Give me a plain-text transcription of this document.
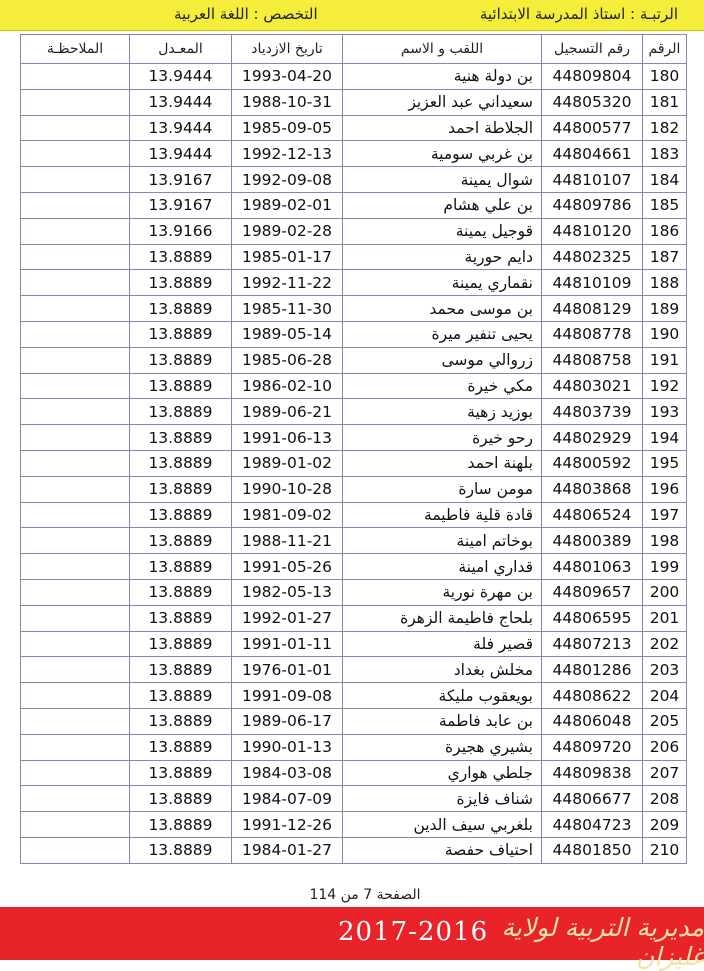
الرتبـة : استاذ المدرسة الابتدائية
التخصص : اللغة العربية
الرقم	رقم التسجيل	اللقب و الاسم	تاريخ الازدياد	المعـدل	الملاحظـة
180	44809804	بن دولة هنية	1993-04-20	13.9444	
181	44805320	سعيداني عبد العزيز	1988-10-31	13.9444	
182	44800577	الجلاطة احمد	1985-09-05	13.9444	
183	44804661	بن غربي سومية	1992-12-13	13.9444	
184	44810107	شوال يمينة	1992-09-08	13.9167	
185	44809786	بن علي هشام	1989-02-01	13.9167	
186	44810120	قوجيل يمينة	1989-02-28	13.9166	
187	44802325	دايم حورية	1985-01-17	13.8889	
188	44810109	نقماري يمينة	1992-11-22	13.8889	
189	44808129	بن موسى محمد	1985-11-30	13.8889	
190	44808778	يحيى تنفير ميرة	1989-05-14	13.8889	
191	44808758	زروالي موسى	1985-06-28	13.8889	
192	44803021	مكي خيرة	1986-02-10	13.8889	
193	44803739	بوزيد زهية	1989-06-21	13.8889	
194	44802929	رحو خيرة	1991-06-13	13.8889	
195	44800592	بلهنة احمد	1989-01-02	13.8889	
196	44803868	مومن سارة	1990-10-28	13.8889	
197	44806524	قادة قلية فاطيمة	1981-09-02	13.8889	
198	44800389	بوخاتم امينة	1988-11-21	13.8889	
199	44801063	قداري امينة	1991-05-26	13.8889	
200	44809657	بن مهرة نورية	1982-05-13	13.8889	
201	44806595	بلحاج فاطيمة الزهرة	1992-01-27	13.8889	
202	44807213	قصير فلة	1991-01-11	13.8889	
203	44801286	مخلش بغداد	1976-01-01	13.8889	
204	44808622	بويعقوب مليكة	1991-09-08	13.8889	
205	44806048	بن عابد فاطمة	1989-06-17	13.8889	
206	44809720	بشيري هجيرة	1990-01-13	13.8889	
207	44809838	جلطي هواري	1984-03-08	13.8889	
208	44806677	شناف فايزة	1984-07-09	13.8889	
209	44804723	بلغربي سيف الدين	1991-12-26	13.8889	
210	44801850	احتياف حفصة	1984-01-27	13.8889	
الصفحة 7 من 114
2017-2016 مديرية التربية لولاية غليزان
